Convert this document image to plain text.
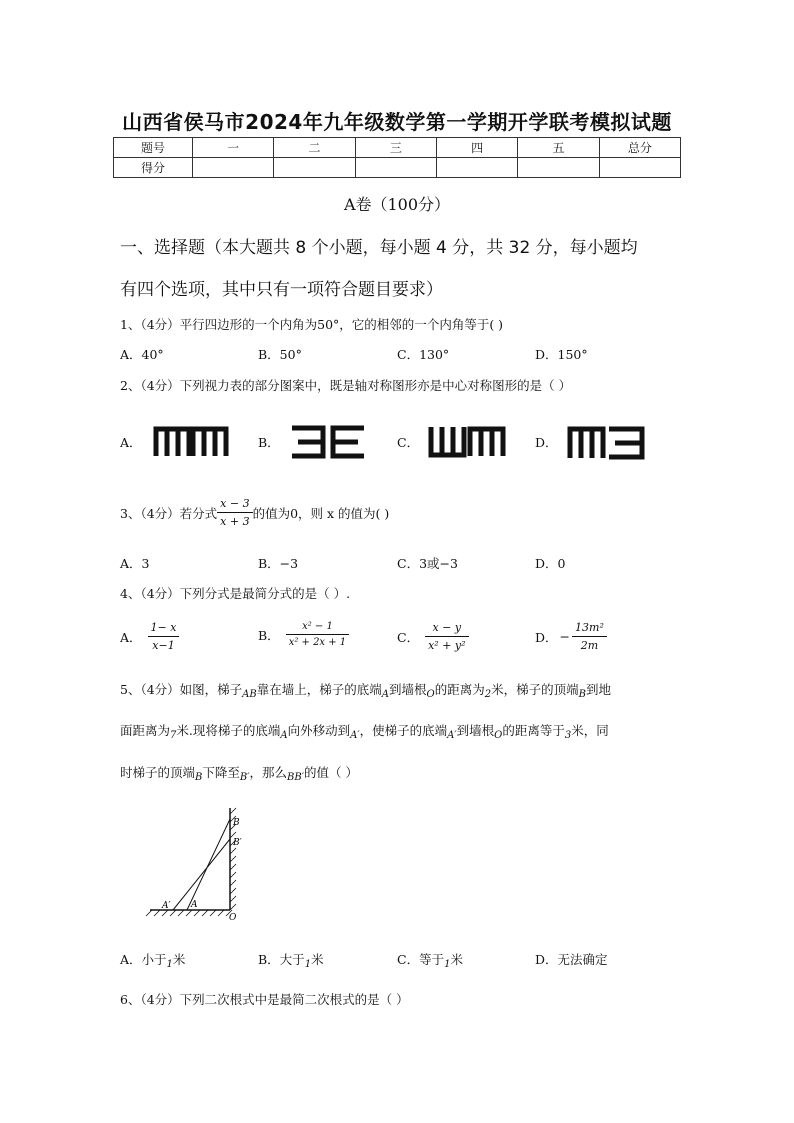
山西省侯马市2024年九年级数学第一学期开学联考模拟试题
题号	一	二	三	四	五	总分
得分						
A卷（100分）
一、选择题（本大题共 8 个小题，每小题 4 分，共 32 分，每小题均
有四个选项，其中只有一项符合题目要求）
1、（4分）平行四边形的一个内角为50°，它的相邻的一个内角等于( )
A．40°	B．50°	C．130°	D．150°
2、（4分）下列视力表的部分图案中，既是轴对称图形亦是中心对称图形的是（ ）
A．	B．	C．	D．
3、（4分）若分式 $\frac{x - 3}{x + 3}$ 的值为0，则 x 的值为( )
A．3	B．−3	C．3或−3	D．0
4、（4分）下列分式是最简分式的是（ ）.
A． $\frac{1- x}{x-1}$	B． $\frac{\text{x² − 1}}{\text{x² + 2x + 1}}$	C． $\frac{x - y}{\text{x² + y²}}$	D． − $\frac{\text{13m²}}{2m}$
5、（4分）如图，梯子$_{AB}$靠在墙上，梯子的底端$_A$到墙根$_O$的距离为$_2$米，梯子的顶端$_B$到地
面距离为$_7$米.现将梯子的底端$_A$向外移动到$_{A'}$，使梯子的底端$_{A'}$到墙根$_O$的距离等于$_3$米，同
时梯子的顶端$_B$下降至$_{B'}$，那么$_{BB'}$的值（ ）
B
B′
A′ A
O
A．小于$_1$米	B．大于$_1$米	C．等于$_1$米	D．无法确定
6、（4分）下列二次根式中是最简二次根式的是（ ）
